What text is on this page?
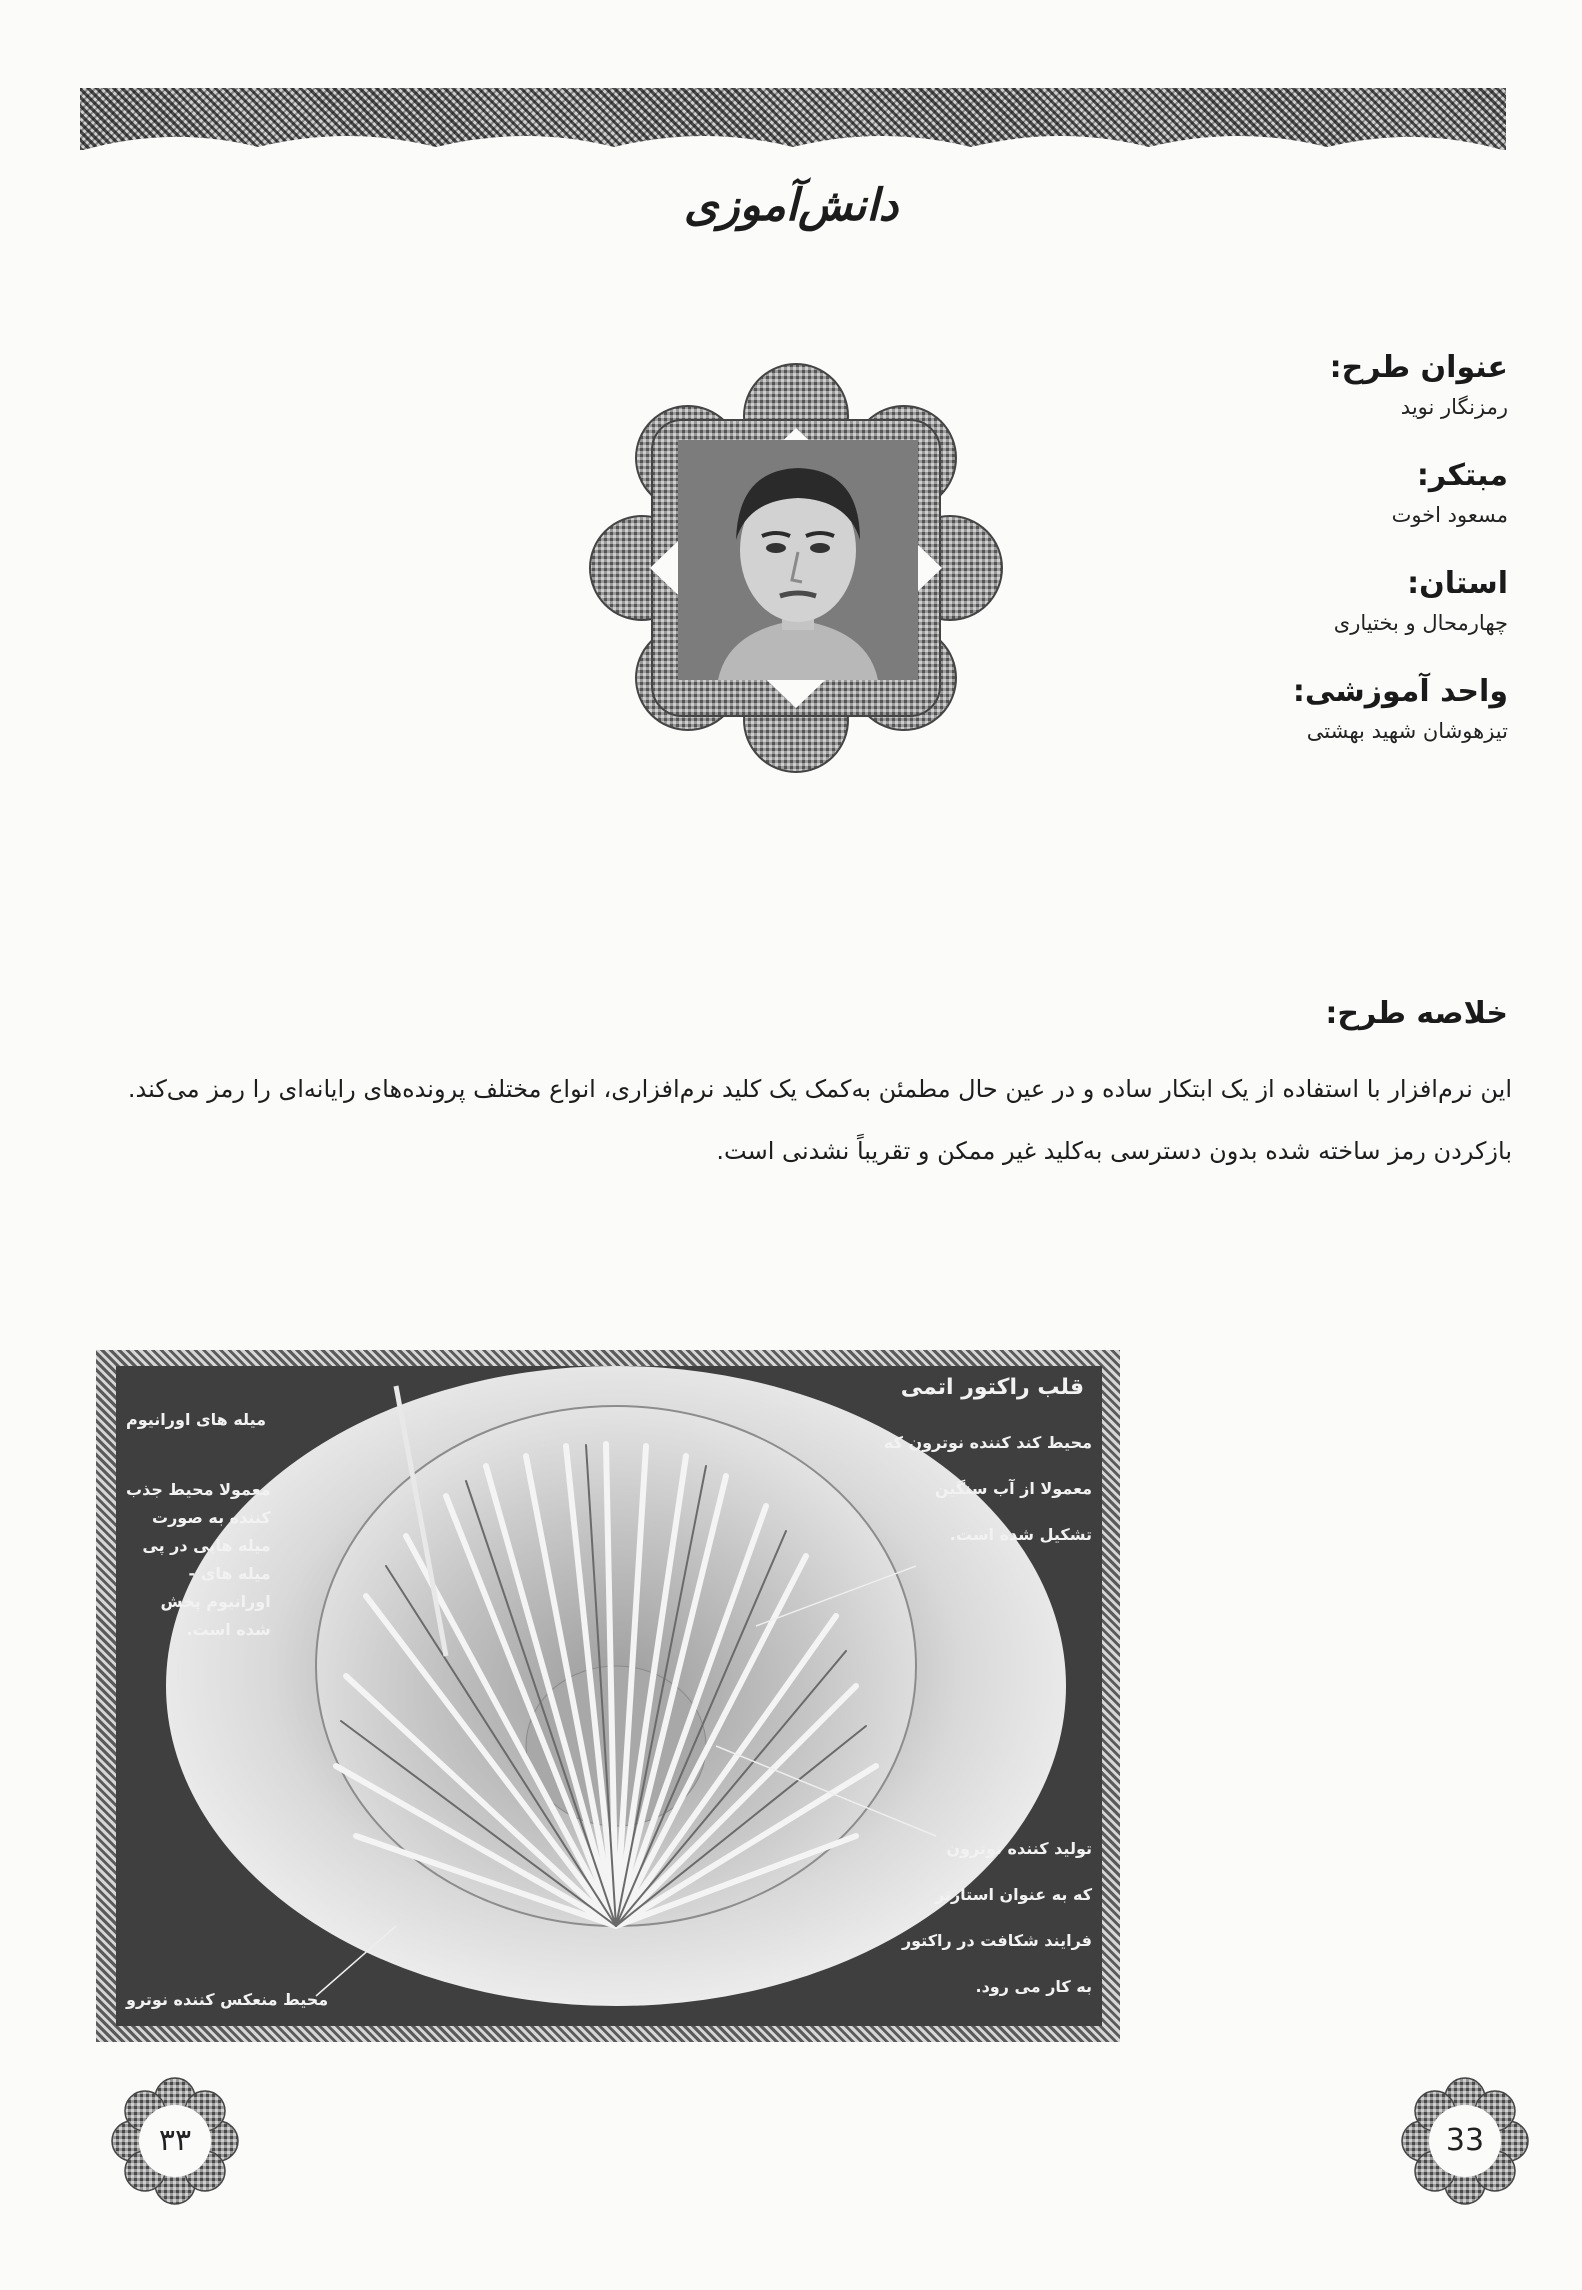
دانش‌آموزی

عنوان طرح:

رمزنگار نوید

مبتکر:

مسعود اخوت

استان:

چهارمحال و بختیاری

واحد آموزشی:

تیزهوشان شهید بهشتی

خلاصه طرح:

این نرم‌افزار با استفاده از یک ابتکار ساده و در عین حال مطمئن به‌کمک یک کلید نرم‌افزاری، انواع مختلف پرونده‌های رایانه‌ای را رمز می‌کند. بازکردن رمز ساخته شده بدون دسترسی به‌کلید غیر ممکن و تقریباً نشدنی است.

قلب راکتور اتمی
میله های اورانیوم
معمولا محیط جذب
کننده به صورت
میله هایی در پی
میله های -
اورانیوم پخش
شده است.
محیط کند کننده نوترون که
معمولا از آب سنگین
تشکیل شده است.
تولید کننده نوترون
که به عنوان استارتر
فرایند شکافت در راکتور
به کار می رود.
محیط منعکس کننده نوترو
۳۳	33
